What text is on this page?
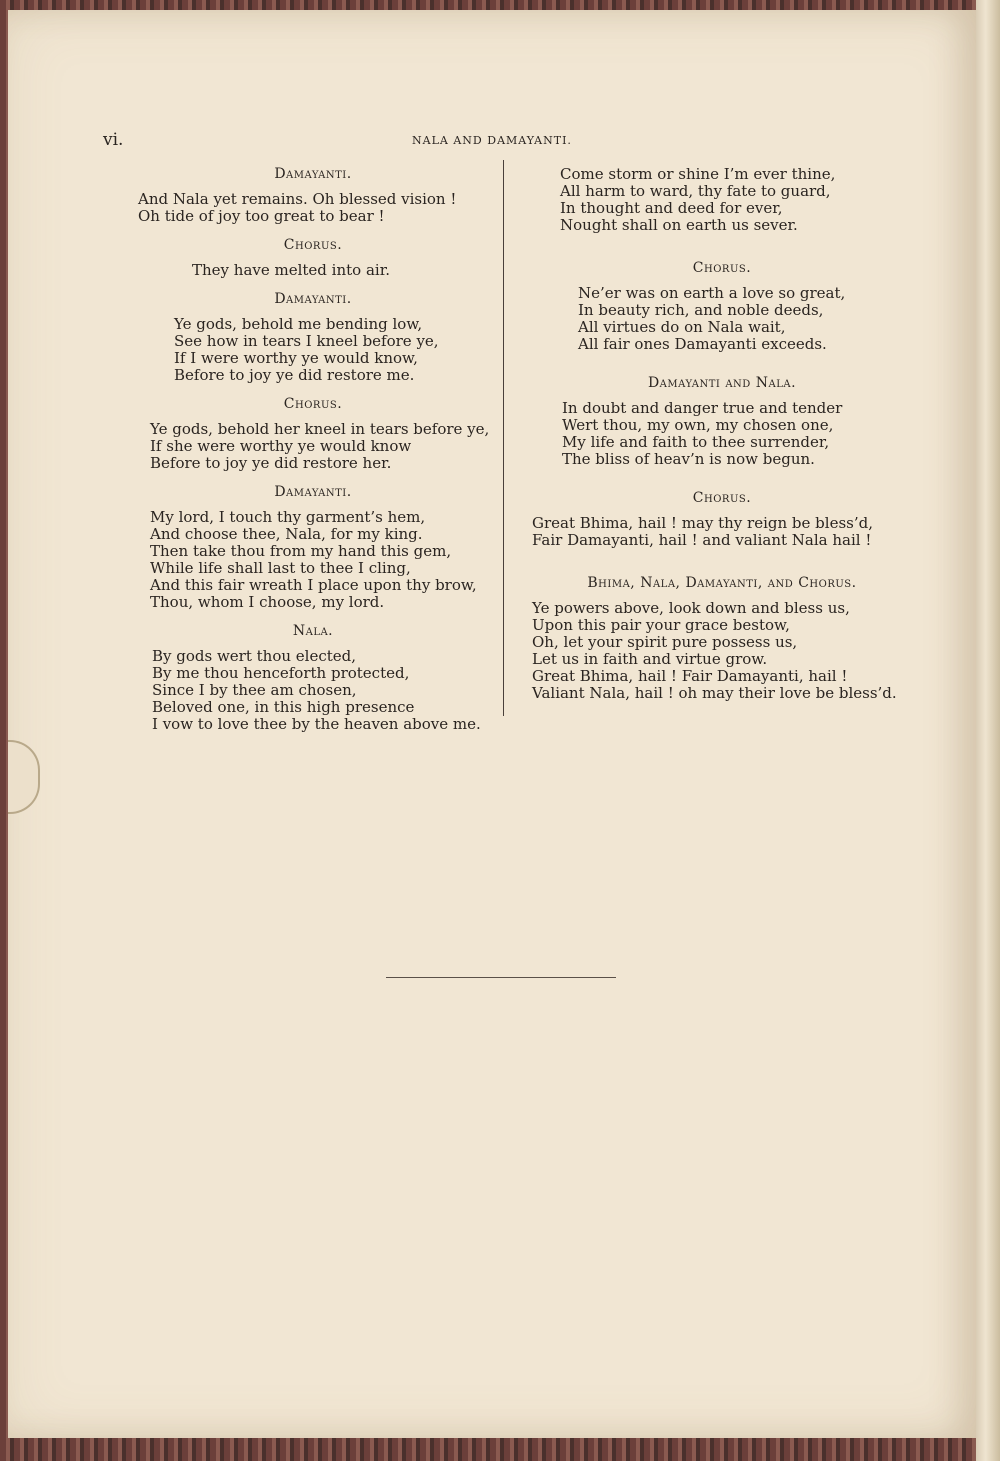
vi.	NALA AND DAMAYANTI.
Damayanti.
And Nala yet remains. Oh blessed vision !
Oh tide of joy too great to bear !
Chorus.
They have melted into air.
Damayanti.
Ye gods, behold me bending low,
See how in tears I kneel before ye,
If I were worthy ye would know,
Before to joy ye did restore me.
Chorus.
Ye gods, behold her kneel in tears before ye,
If she were worthy ye would know
Before to joy ye did restore her.
Damayanti.
My lord, I touch thy garment’s hem,
And choose thee, Nala, for my king.
Then take thou from my hand this gem,
While life shall last to thee I cling,
And this fair wreath I place upon thy brow,
Thou, whom I choose, my lord.
Nala.
By gods wert thou elected,
By me thou henceforth protected,
Since I by thee am chosen,
Beloved one, in this high presence
I vow to love thee by the heaven above me.
Come storm or shine I’m ever thine,
All harm to ward, thy fate to guard,
In thought and deed for ever,
Nought shall on earth us sever.
Chorus.
Ne’er was on earth a love so great,
In beauty rich, and noble deeds,
All virtues do on Nala wait,
All fair ones Damayanti exceeds.
Damayanti and Nala.
In doubt and danger true and tender
Wert thou, my own, my chosen one,
My life and faith to thee surrender,
The bliss of heav’n is now begun.
Chorus.
Great Bhima, hail ! may thy reign be bless’d,
Fair Damayanti, hail ! and valiant Nala hail !
Bhima, Nala, Damayanti, and Chorus.
Ye powers above, look down and bless us,
Upon this pair your grace bestow,
Oh, let your spirit pure possess us,
Let us in faith and virtue grow.
Great Bhima, hail ! Fair Damayanti, hail !
Valiant Nala, hail ! oh may their love be bless’d.
